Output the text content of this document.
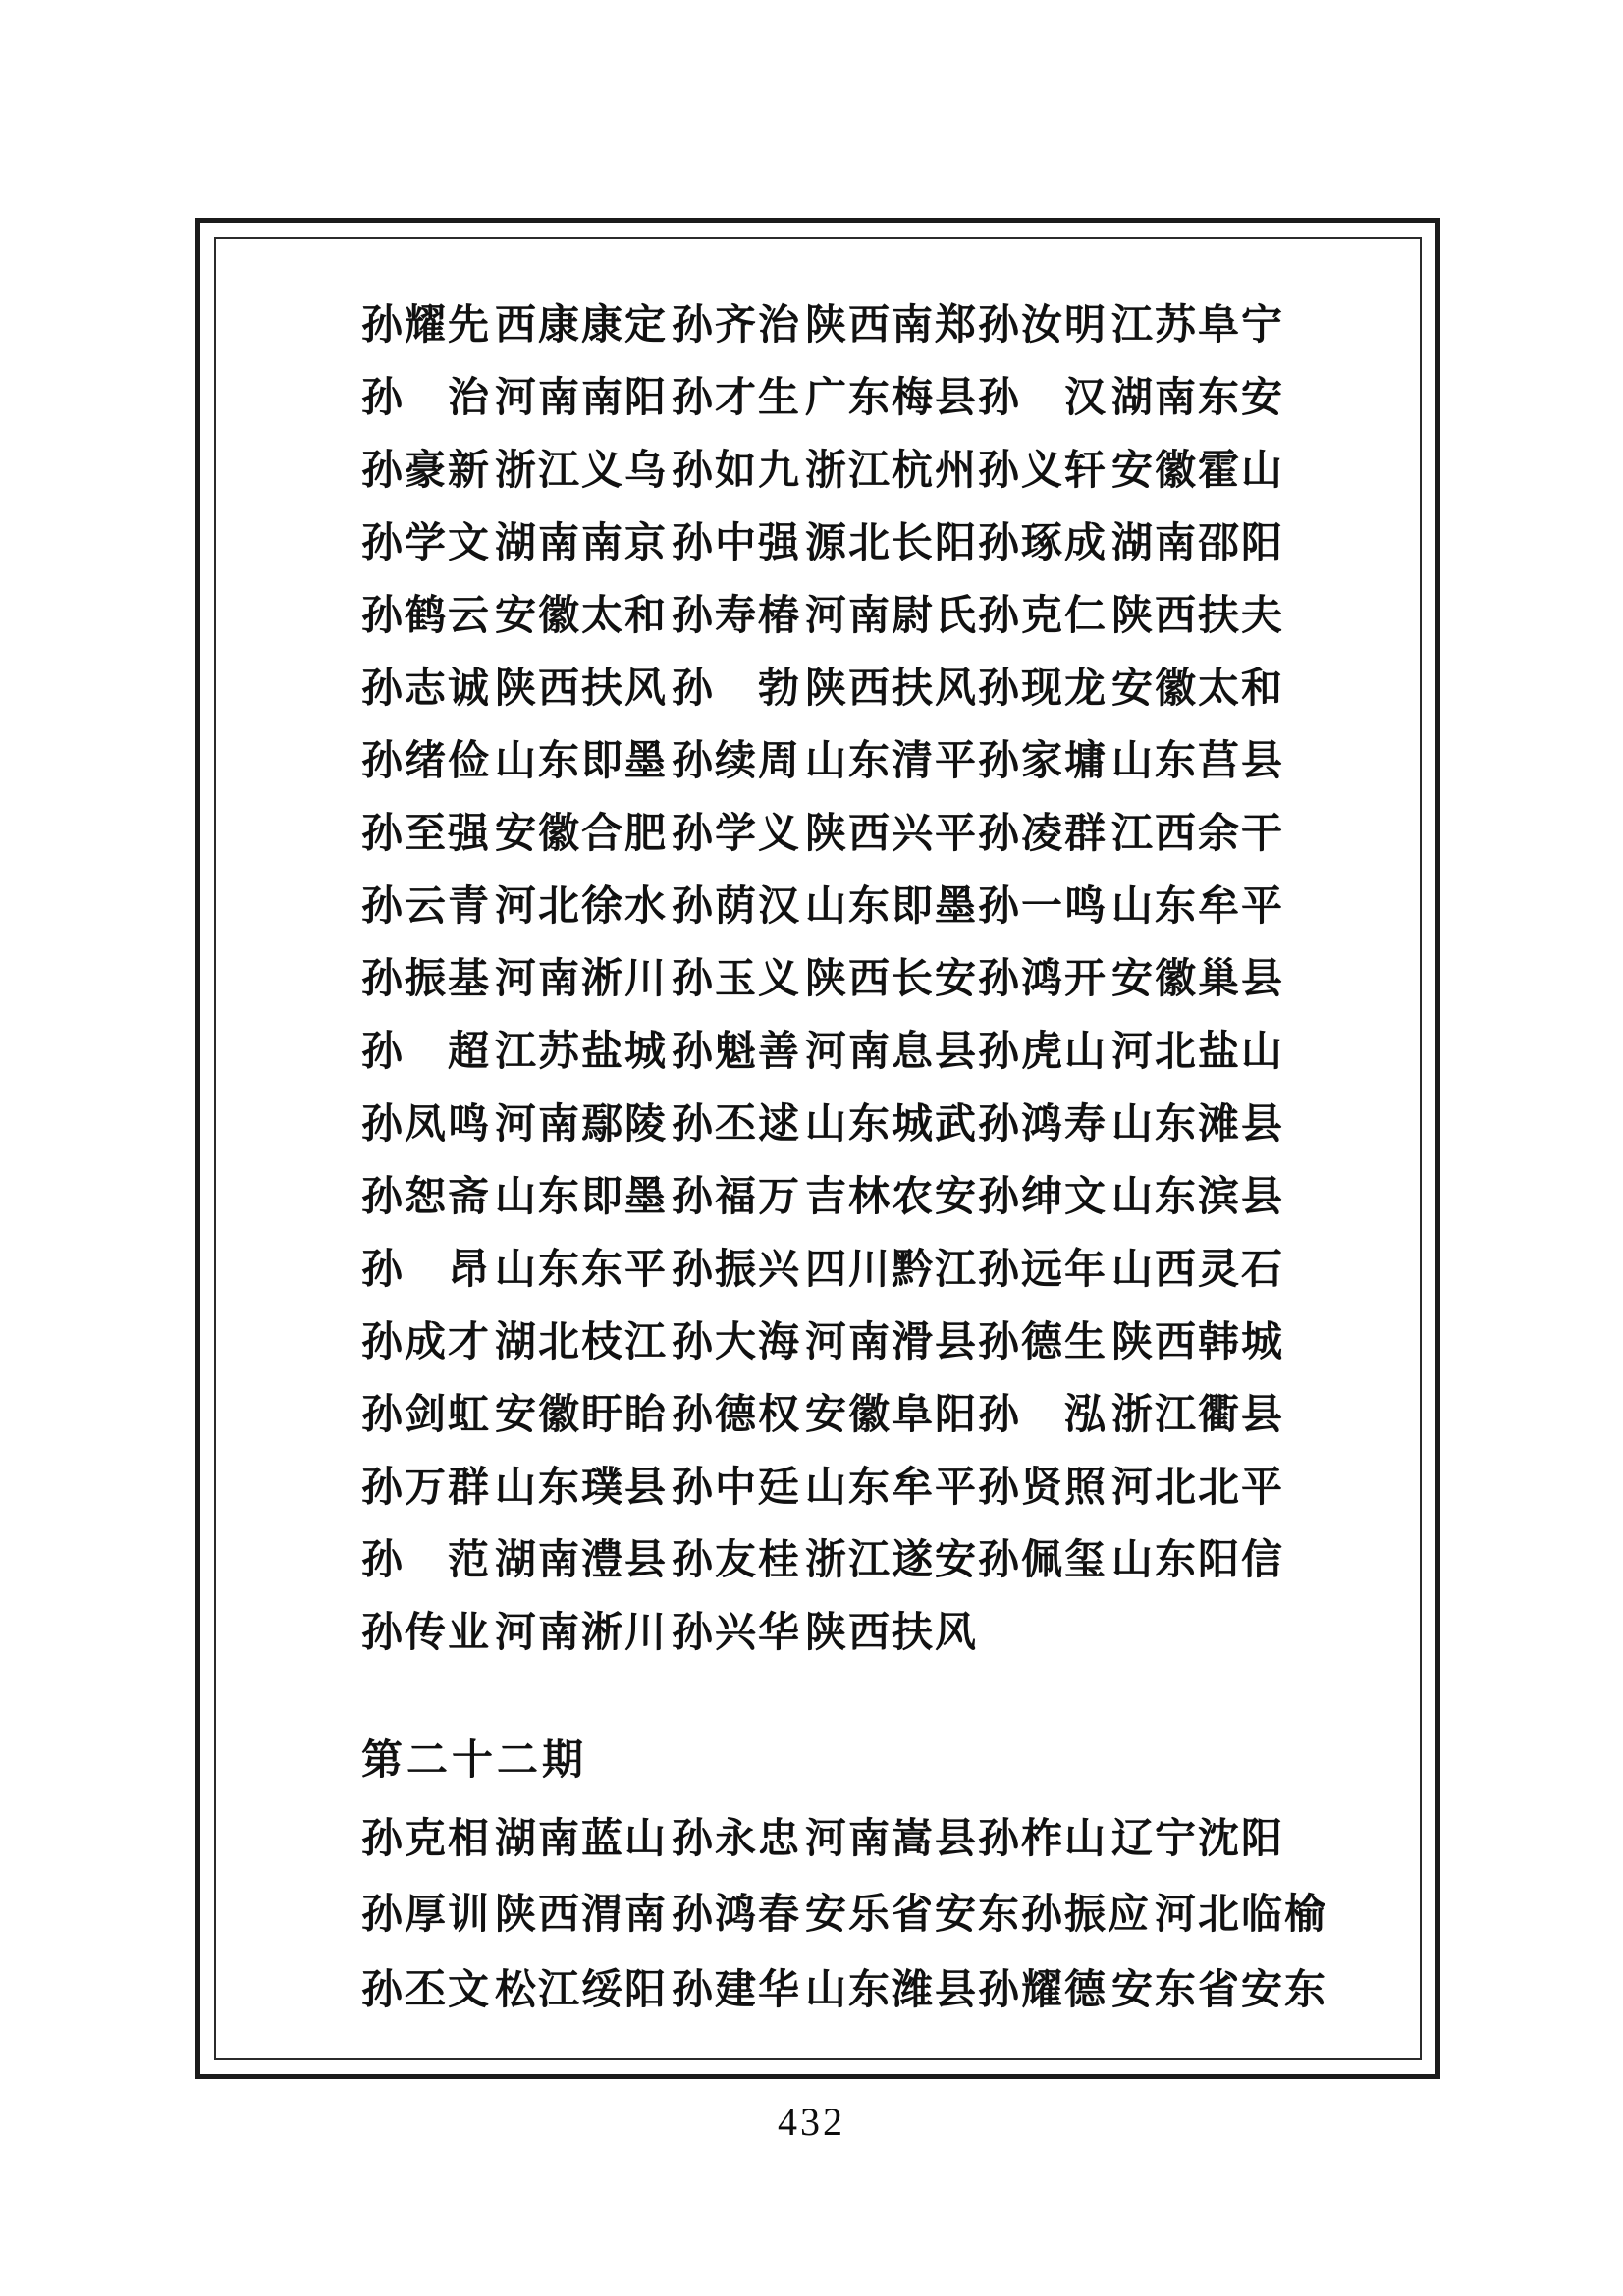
孙耀先 西康康定 孙齐治 陕西南郑 孙汝明 江苏阜宁
孙　治 河南南阳 孙才生 广东梅县 孙　汉 湖南东安
孙豪新 浙江义乌 孙如九 浙江杭州 孙义轩 安徽霍山
孙学文 湖南南京 孙中强 源北长阳 孙琢成 湖南邵阳
孙鹤云 安徽太和 孙寿椿 河南尉氏 孙克仁 陕西扶夫
孙志诚 陕西扶风 孙　勃 陕西扶风 孙现龙 安徽太和
孙绪俭 山东即墨 孙续周 山东清平 孙家墉 山东莒县
孙至强 安徽合肥 孙学义 陕西兴平 孙凌群 江西余干
孙云青 河北徐水 孙荫汉 山东即墨 孙一鸣 山东牟平
孙振基 河南淅川 孙玉义 陕西长安 孙鸿开 安徽巢县
孙　超 江苏盐城 孙魁善 河南息县 孙虎山 河北盐山
孙凤鸣 河南鄢陵 孙丕逑 山东城武 孙鸿寿 山东滩县
孙恕斋 山东即墨 孙福万 吉林农安 孙绅文 山东滨县
孙　昂 山东东平 孙振兴 四川黔江 孙远年 山西灵石
孙成才 湖北枝江 孙大海 河南滑县 孙德生 陕西韩城
孙剑虹 安徽盱眙 孙德权 安徽阜阳 孙　泓 浙江衢县
孙万群 山东璞县 孙中廷 山东牟平 孙贤照 河北北平
孙　范 湖南澧县 孙友桂 浙江遂安 孙佩玺 山东阳信
孙传业 河南淅川 孙兴华 陕西扶风
第二十二期
孙克相 湖南蓝山 孙永忠 河南嵩县 孙柞山 辽宁沈阳
孙厚训 陕西渭南 孙鸿春 安乐省安东 孙振应 河北临榆
孙丕文 松江绥阳 孙建华 山东潍县 孙耀德 安东省安东
432
